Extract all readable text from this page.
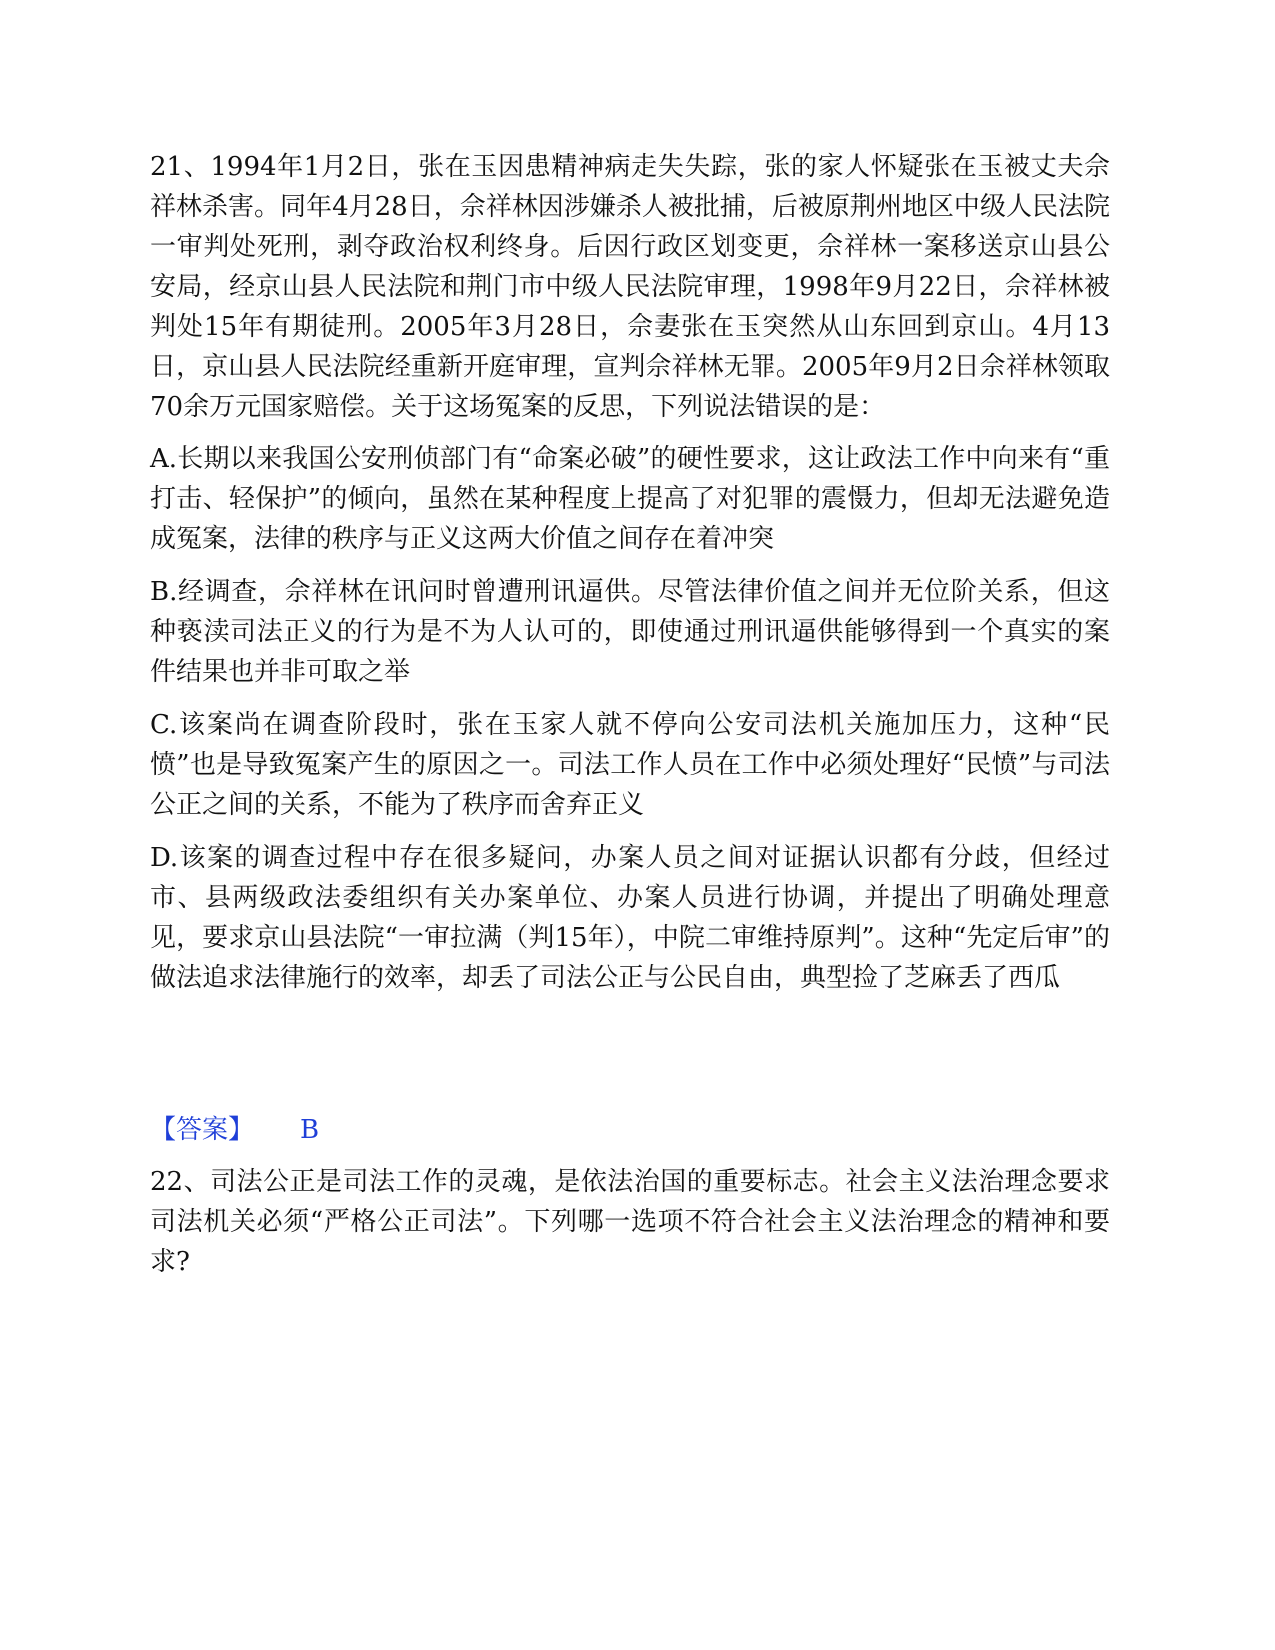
21、1994年1月2日，张在玉因患精神病走失失踪，张的家人怀疑张在玉被丈夫佘祥林杀害。同年4月28日，佘祥林因涉嫌杀人被批捕，后被原荆州地区中级人民法院一审判处死刑，剥夺政治权利终身。后因行政区划变更，佘祥林一案移送京山县公安局，经京山县人民法院和荆门市中级人民法院审理，1998年9月22日，佘祥林被判处15年有期徒刑。2005年3月28日，佘妻张在玉突然从山东回到京山。4月13日，京山县人民法院经重新开庭审理，宣判佘祥林无罪。2005年9月2日佘祥林领取70余万元国家赔偿。关于这场冤案的反思，下列说法错误的是：

A.长期以来我国公安刑侦部门有“命案必破”的硬性要求，这让政法工作中向来有“重打击、轻保护”的倾向，虽然在某种程度上提高了对犯罪的震慑力，但却无法避免造成冤案，法律的秩序与正义这两大价值之间存在着冲突

B.经调查，佘祥林在讯问时曾遭刑讯逼供。尽管法律价值之间并无位阶关系，但这种亵渎司法正义的行为是不为人认可的，即使通过刑讯逼供能够得到一个真实的案件结果也并非可取之举

C.该案尚在调查阶段时，张在玉家人就不停向公安司法机关施加压力，这种“民愤”也是导致冤案产生的原因之一。司法工作人员在工作中必须处理好“民愤”与司法公正之间的关系，不能为了秩序而舍弃正义

D.该案的调查过程中存在很多疑问，办案人员之间对证据认识都有分歧，但经过市、县两级政法委组织有关办案单位、办案人员进行协调，并提出了明确处理意见，要求京山县法院“一审拉满（判15年），中院二审维持原判”。这种“先定后审”的做法追求法律施行的效率，却丢了司法公正与公民自由，典型捡了芝麻丢了西瓜

【答案】 B

22、司法公正是司法工作的灵魂，是依法治国的重要标志。社会主义法治理念要求司法机关必须“严格公正司法”。下列哪一选项不符合社会主义法治理念的精神和要求?
